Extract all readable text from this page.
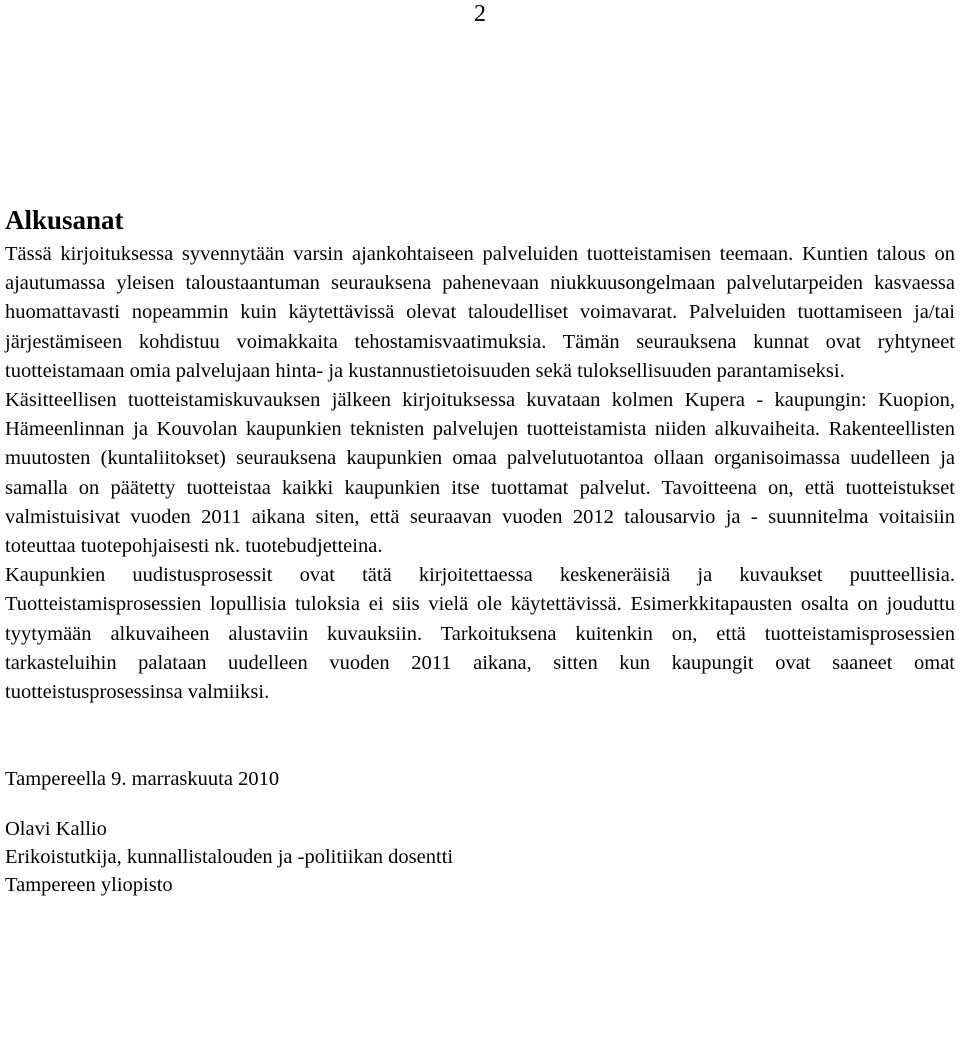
2
Alkusanat

Tässä kirjoituksessa syvennytään varsin ajankohtaiseen palveluiden tuotteistamisen teemaan. Kuntien talous on ajautumassa yleisen taloustaantuman seurauksena pahenevaan niukkuusongelmaan palvelutarpeiden kasvaessa huomattavasti nopeammin kuin käytettävissä olevat taloudelliset voimavarat. Palveluiden tuottamiseen ja/tai järjestämiseen kohdistuu voimakkaita tehostamisvaatimuksia. Tämän seurauksena kunnat ovat ryhtyneet tuotteistamaan omia palvelujaan hinta- ja kustannustietoisuuden sekä tuloksellisuuden parantamiseksi.

Käsitteellisen tuotteistamiskuvauksen jälkeen kirjoituksessa kuvataan kolmen Kupera - kaupungin: Kuopion, Hämeenlinnan ja Kouvolan kaupunkien teknisten palvelujen tuotteistamista niiden alkuvaiheita. Rakenteellisten muutosten (kuntaliitokset) seurauksena kaupunkien omaa palvelutuotantoa ollaan organisoimassa uudelleen ja samalla on päätetty tuotteistaa kaikki kaupunkien itse tuottamat palvelut. Tavoitteena on, että tuotteistukset valmistuisivat vuoden 2011 aikana siten, että seuraavan vuoden 2012 talousarvio ja - suunnitelma voitaisiin toteuttaa tuotepohjaisesti nk. tuotebudjetteina.

Kaupunkien uudistusprosessit ovat tätä kirjoitettaessa keskeneräisiä ja kuvaukset puutteellisia. Tuotteistamisprosessien lopullisia tuloksia ei siis vielä ole käytettävissä. Esimerkkitapausten osalta on jouduttu tyytymään alkuvaiheen alustaviin kuvauksiin. Tarkoituksena kuitenkin on, että tuotteistamisprosessien tarkasteluihin palataan uudelleen vuoden 2011 aikana, sitten kun kaupungit ovat saaneet omat tuotteistusprosessinsa valmiiksi.

Tampereella 9. marraskuuta 2010

Olavi Kallio

Erikoistutkija, kunnallistalouden ja -politiikan dosentti

Tampereen yliopisto
